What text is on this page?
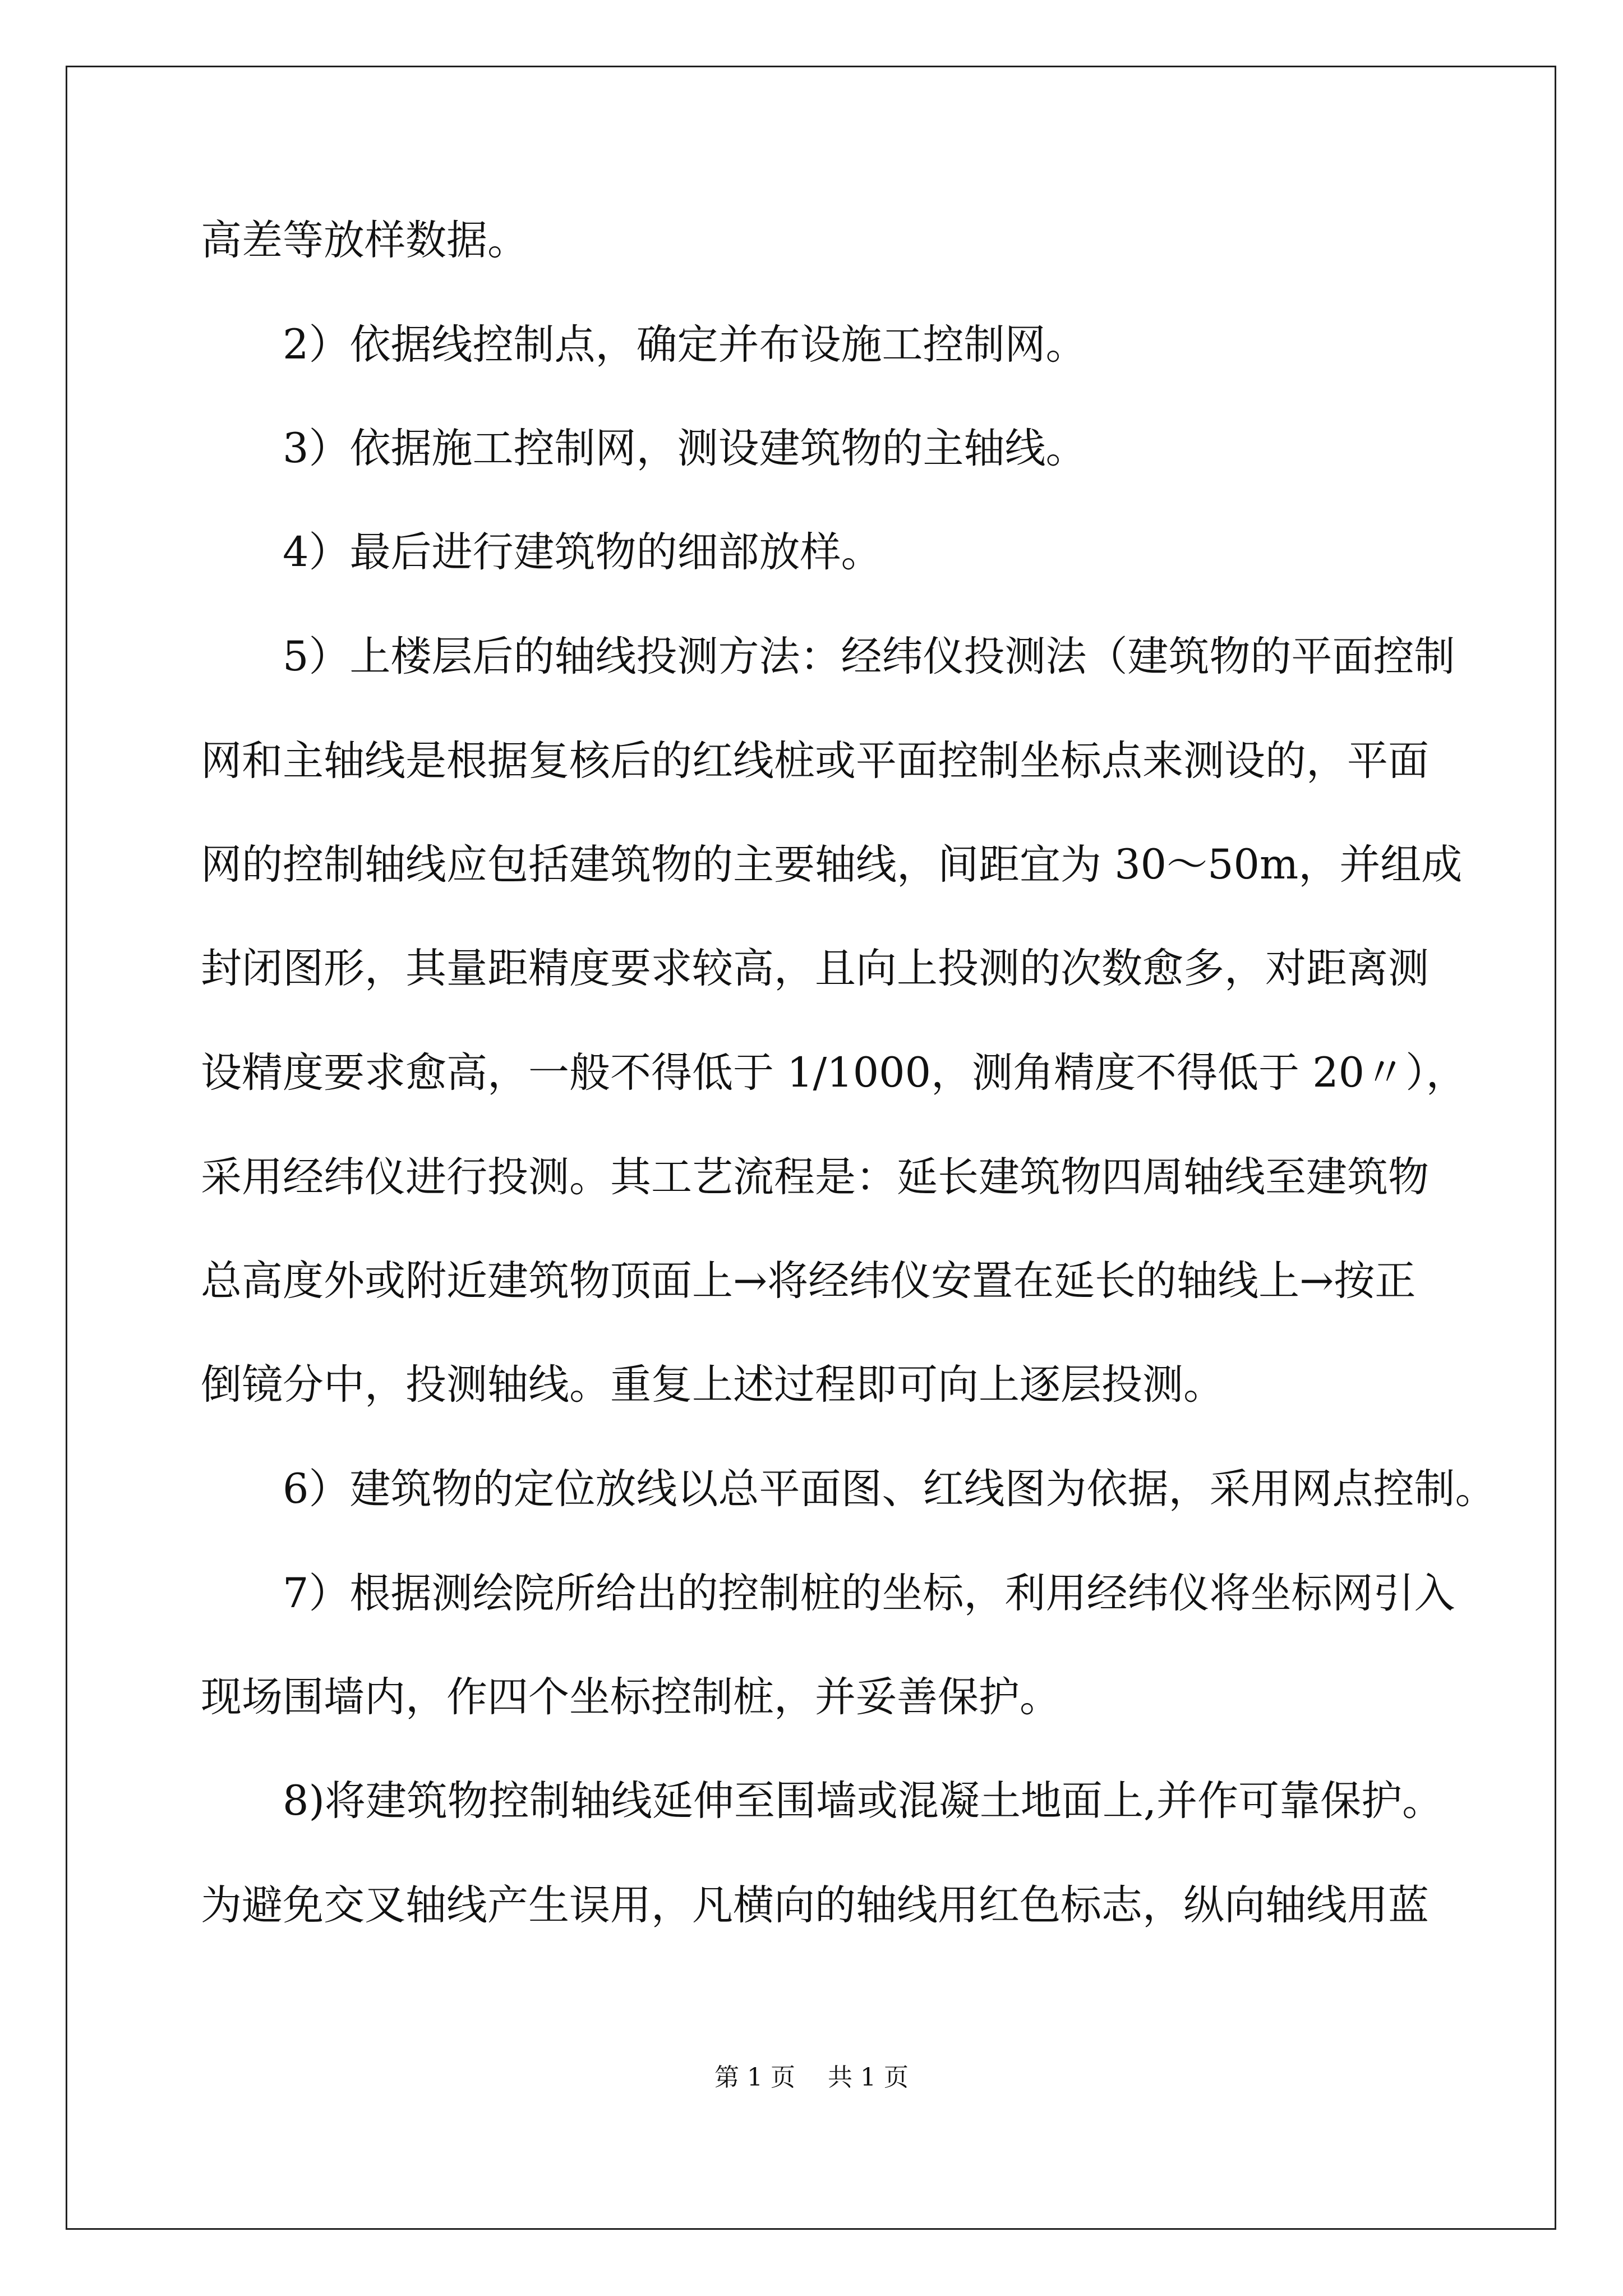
高差等放样数据。
　　2）依据线控制点，确定并布设施工控制网。
　　3）依据施工控制网，测设建筑物的主轴线。
　　4）最后进行建筑物的细部放样。
　　5）上楼层后的轴线投测方法：经纬仪投测法（建筑物的平面控制
网和主轴线是根据复核后的红线桩或平面控制坐标点来测设的，平面
网的控制轴线应包括建筑物的主要轴线，间距宜为 30～50m，并组成
封闭图形，其量距精度要求较高，且向上投测的次数愈多，对距离测
设精度要求愈高，一般不得低于 1/1000，测角精度不得低于 20〃），
采用经纬仪进行投测。其工艺流程是：延长建筑物四周轴线至建筑物
总高度外或附近建筑物顶面上→将经纬仪安置在延长的轴线上→按正
倒镜分中，投测轴线。重复上述过程即可向上逐层投测。
　　6）建筑物的定位放线以总平面图、红线图为依据，采用网点控制。
　　7）根据测绘院所给出的控制桩的坐标，利用经纬仪将坐标网引入
现场围墙内，作四个坐标控制桩，并妥善保护。
　　8)将建筑物控制轴线延伸至围墙或混凝土地面上,并作可靠保护。
为避免交叉轴线产生误用，凡横向的轴线用红色标志，纵向轴线用蓝
第 1 页　 共 1 页
